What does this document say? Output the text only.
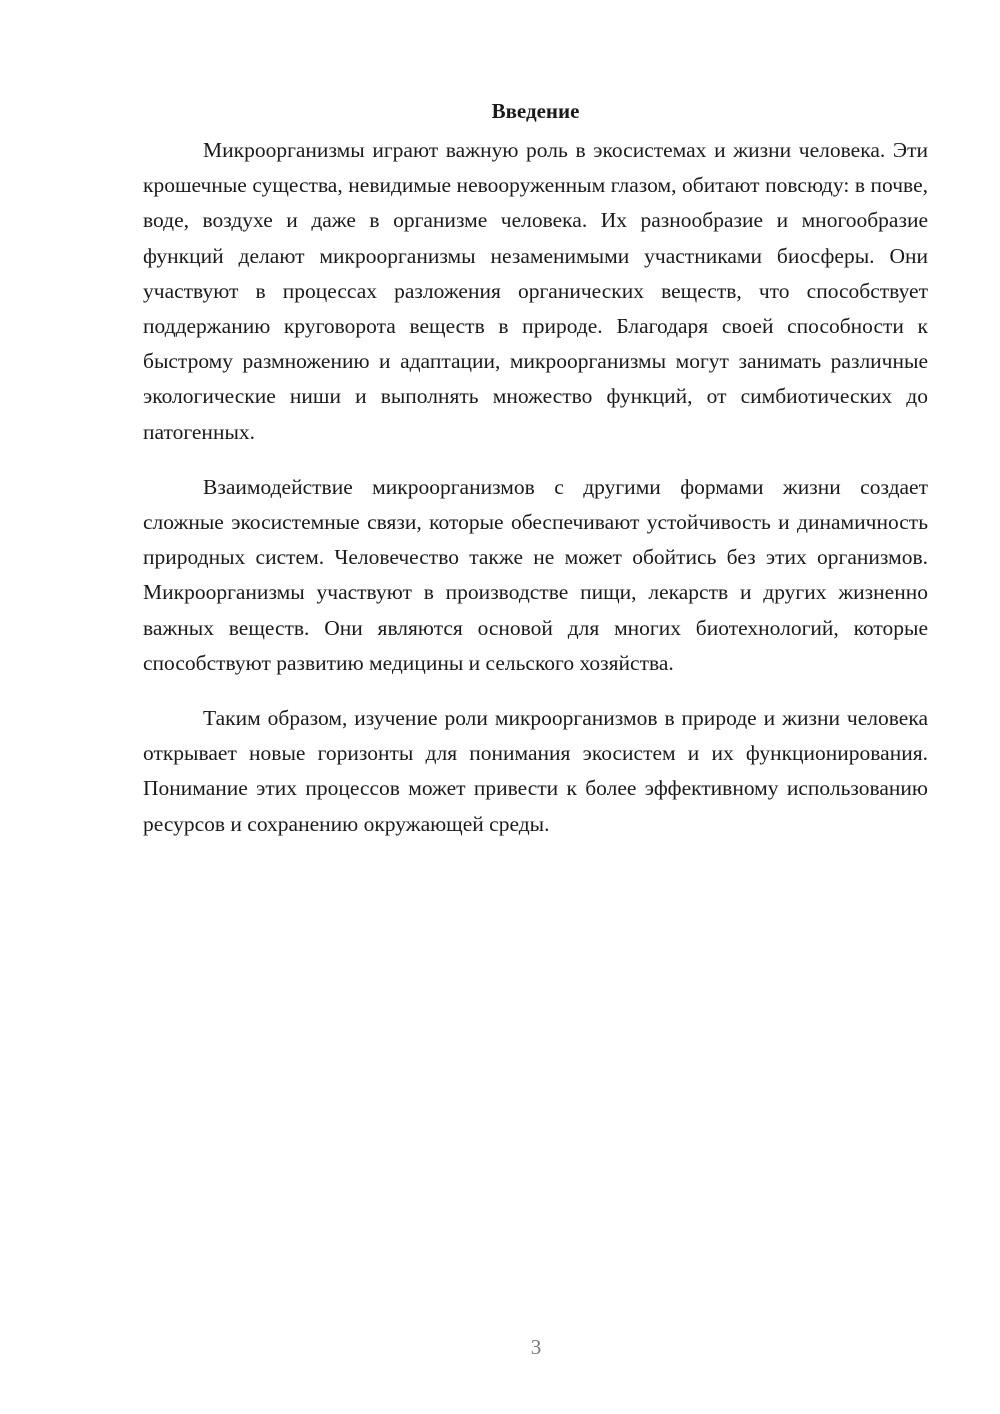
Введение

Микроорганизмы играют важную роль в экосистемах и жизни человека. Эти крошечные существа, невидимые невооруженным глазом, обитают повсюду: в почве, воде, воздухе и даже в организме человека. Их разнообразие и многообразие функций делают микроорганизмы незаменимыми участниками биосферы. Они участвуют в процессах разложения органических веществ, что способствует поддержанию круговорота веществ в природе. Благодаря своей способности к быстрому размножению и адаптации, микроорганизмы могут занимать различные экологические ниши и выполнять множество функций, от симбиотических до патогенных.

Взаимодействие микроорганизмов с другими формами жизни создает сложные экосистемные связи, которые обеспечивают устойчивость и динамичность природных систем. Человечество также не может обойтись без этих организмов. Микроорганизмы участвуют в производстве пищи, лекарств и других жизненно важных веществ. Они являются основой для многих биотехнологий, которые способствуют развитию медицины и сельского хозяйства.

Таким образом, изучение роли микроорганизмов в природе и жизни человека открывает новые горизонты для понимания экосистем и их функционирования. Понимание этих процессов может привести к более эффективному использованию ресурсов и сохранению окружающей среды.

3
